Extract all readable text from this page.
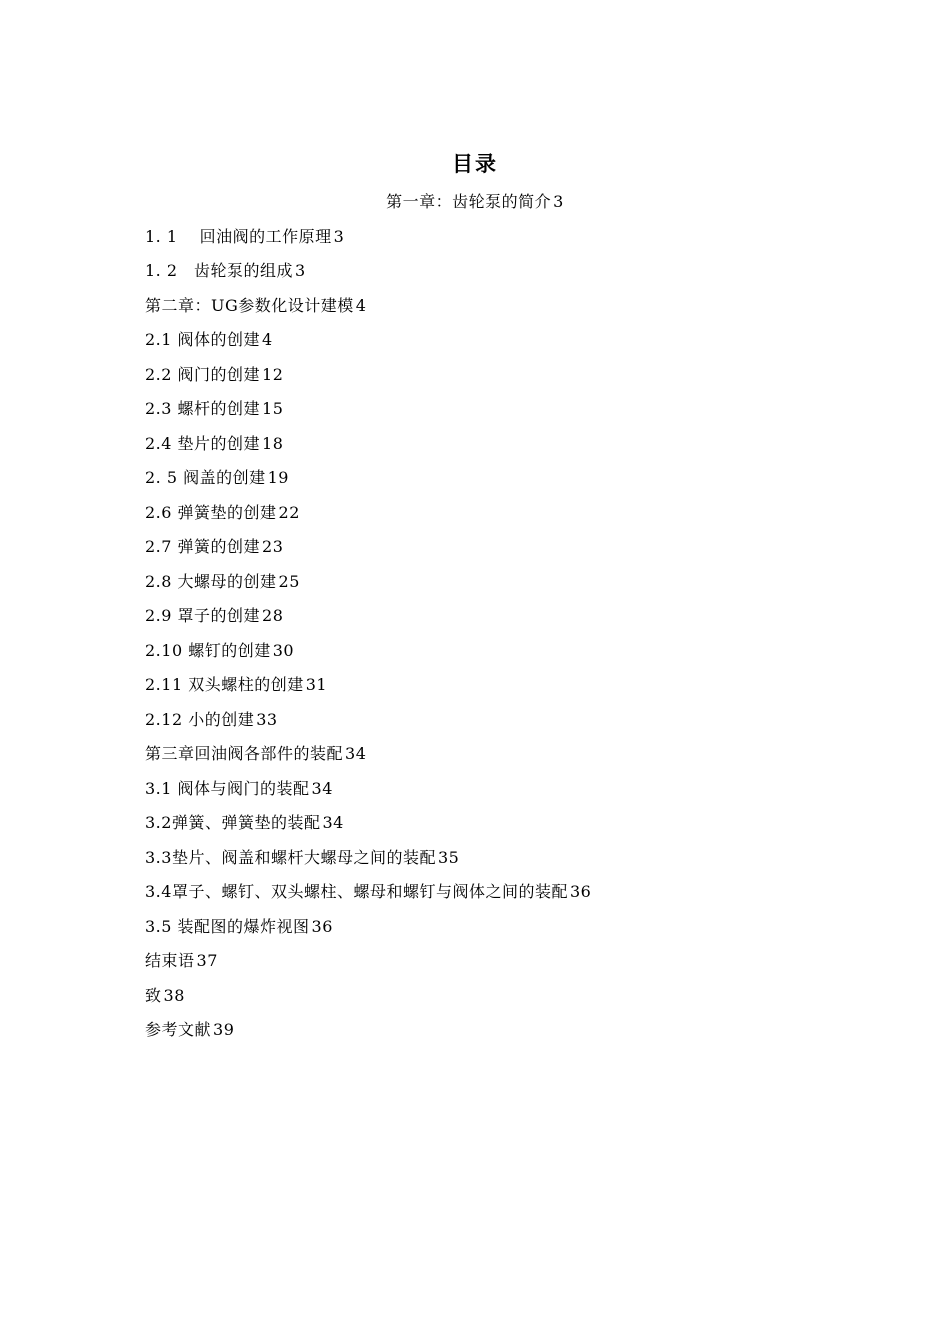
目录
第一章：齿轮泵的简介 3
1. 1　 回油阀的工作原理 3
1. 2　齿轮泵的组成 3
第二章：UG参数化设计建模 4
2.1 阀体的创建 4
2.2 阀门的创建 12
2.3 螺杆的创建 15
2.4 垫片的创建 18
2. 5 阀盖的创建 19
2.6 弹簧垫的创建 22
2.7 弹簧的创建 23
2.8 大螺母的创建 25
2.9 罩子的创建 28
2.10 螺钉的创建 30
2.11 双头螺柱的创建 31
2.12 小的创建 33
第三章回油阀各部件的装配 34
3.1 阀体与阀门的装配 34
3.2弹簧、弹簧垫的装配 34
3.3垫片、阀盖和螺杆大螺母之间的装配 35
3.4罩子、螺钉、双头螺柱、螺母和螺钉与阀体之间的装配 36
3.5 装配图的爆炸视图 36
结束语 37
致 38
参考文献 39
